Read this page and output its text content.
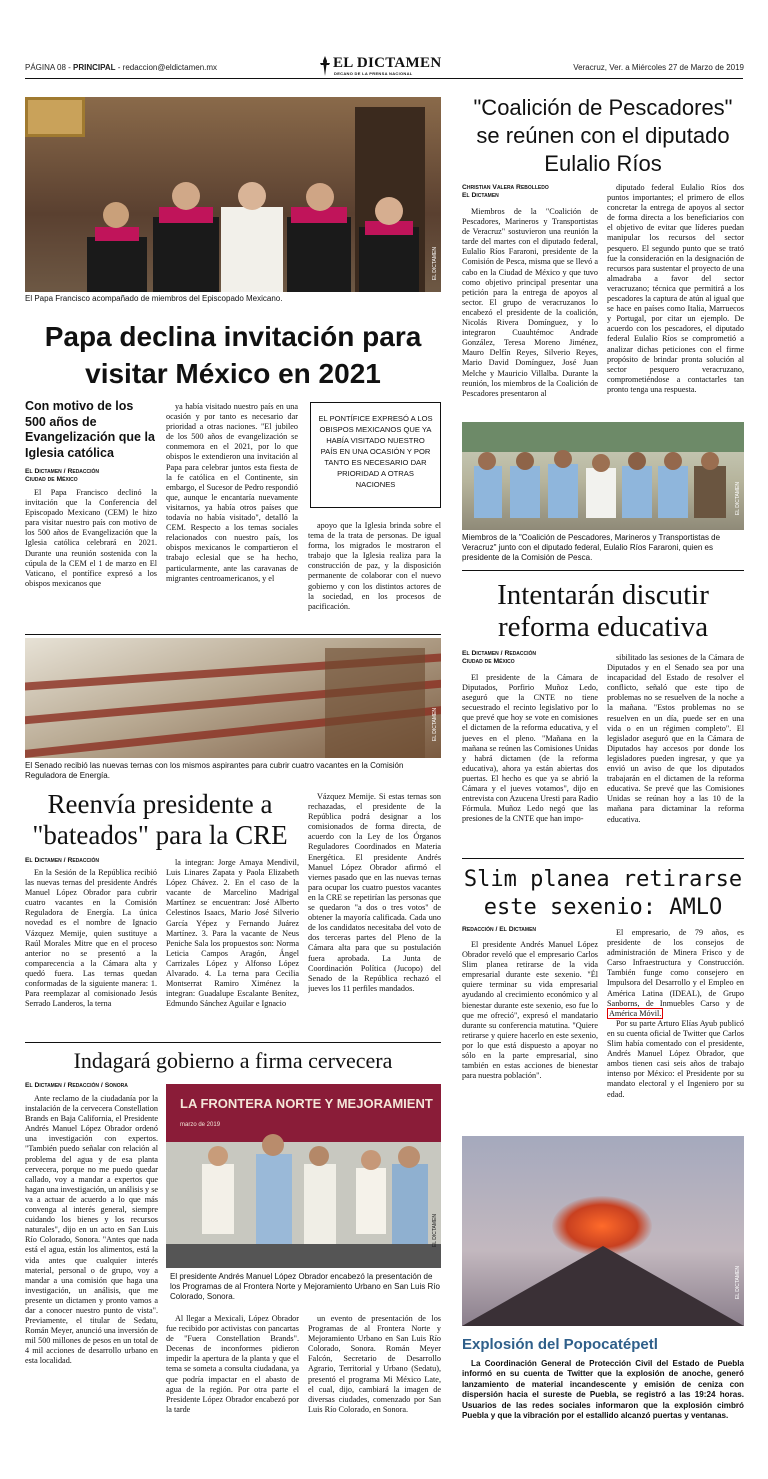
PÁGINA 08 - PRINCIPAL - redaccion@eldictamen.mx	EL DICTAMEN
DECANO DE LA PRENSA NACIONAL
Veracruz, Ver. a Miércoles 27 de Marzo de 2019
EL DICTAMEN
El Papa Francisco acompañado de miembros del Episcopado Mexicano.
Papa declina invitación para visitar México en 2021
Con motivo de los 500 años de Evangelización que la Iglesia católica
El Dictamen / Redacción
Ciudad de México

El Papa Francisco declinó la invitación que la Conferencia del Episcopado Mexicano (CEM) le hizo para visitar nuestro país con motivo de los 500 años de Evangelización que la Iglesia católica celebrará en 2021. Durante una reunión sostenida con la cúpula de la CEM el 1 de marzo en El Vaticano, el pontífice expresó a los obispos mexicanos que

ya había visitado nuestro país en una ocasión y por tanto es necesario dar prioridad a otras naciones. "El jubileo de los 500 años de evangelización se conmemora en el 2021, por lo que obispos le extendieron una invitación al Papa para celebrar juntos esta fiesta de la fe católica en el Continente, sin embargo, el Sucesor de Pedro respondió que, aunque le encantaría nuevamente visitarnos, ya había otros países que todavía no había visitado", detalló la CEM. Respecto a los temas sociales relacionados con nuestro país, los obispos mexicanos le compartieron el trabajo eclesial que se ha hecho, particularmente, ante las caravanas de migrantes centroamericanos, y el

EL PONTÍFICE EXPRESÓ A LOS OBISPOS MEXICANOS QUE YA HABÍA VISITADO NUESTRO PAÍS EN UNA OCASIÓN Y POR TANTO ES NECESARIO DAR PRIORIDAD A OTRAS NACIONES

apoyo que la Iglesia brinda sobre el tema de la trata de personas. De igual forma, los migrados le mostraron el trabajo que la Iglesia realiza para la construcción de paz, y la disposición permanente de colaborar con el nuevo gobierno y con los distintos actores de la sociedad, en los procesos de pacificación.

EL DICTAMEN
El Senado recibió las nuevas ternas con los mismos aspirantes para cubrir cuatro vacantes en la Comisión Reguladora de Energía.
Reenvía presidente a "bateados" para la CRE
El Dictamen / Redacción

En la Sesión de la República recibió las nuevas ternas del presidente Andrés Manuel López Obrador para cubrir cuatro vacantes en la Comisión Reguladora de Energía. La única novedad es el nombre de Ignacio Vázquez Memije, quien sustituye a Raúl Morales Mitre que en el proceso anterior no se presentó a la comparecencia a la Cámara alta y quedó fuera. Las ternas quedan conformadas de la siguiente manera: 1. Para reemplazar al comisionado Jesús Serrado Landeros, la terna

la integran: Jorge Amaya Mendivil, Luis Linares Zapata y Paola Elizabeth López Chávez. 2. En el caso de la vacante de Marcelino Madrigal Martínez se encuentran: José Alberto Celestinos Isaacs, Mario José Silverio García Yépez y Fernando Juárez Martínez. 3. Para la vacante de Neus Peniche Sala los propuestos son: Norma Leticia Campos Aragón, Ángel Carrizales López y Alfonso López Alvarado. 4. La terna para Cecilia Montserrat Ramiro Ximénez la integran: Guadalupe Escalante Benítez, Edmundo Sánchez Aguilar e Ignacio

Vázquez Memije. Si estas ternas son rechazadas, el presidente de la República podrá designar a los comisionados de forma directa, de acuerdo con la Ley de los Órganos Reguladores Coordinados en Materia Energética. El presidente Andrés Manuel López Obrador afirmó el viernes pasado que en las nuevas ternas para ocupar los cuatro puestos vacantes en la CRE se repetirían las personas que se quedaron "a dos o tres votos" de obtener la mayoría calificada. Cada uno de los candidatos necesitaba del voto de dos terceras partes del Pleno de la Cámara alta para que su postulación fuera aprobada. La Junta de Coordinación Política (Jucopo) del Senado de la República rechazó el jueves los 11 perfiles mandados.

Indagará gobierno a firma cervecera
El Dictamen / Redacción / Sonora

Ante reclamo de la ciudadanía por la instalación de la cervecera Constellation Brands en Baja California, el Presidente Andrés Manuel López Obrador ordenó una investigación con expertos. "También puedo señalar con relación al problema del agua y de esa planta cervecera, porque no me puedo quedar callado, voy a mandar a expertos que hagan una investigación, un análisis y se va a actuar de acuerdo a lo que más convenga al interés general, siempre cuidando los bienes y los recursos naturales", dijo en un acto en San Luis Río Colorado, Sonora. "Antes que nada está el agua, están los alimentos, está la vida antes que cualquier interés material, personal o de grupo, voy a mandar a una comisión que haga una investigación, un análisis, que me presente un dictamen y pronto vamos a dar a conocer nuestro punto de vista". Previamente, el titular de Sedatu, Román Meyer, anunció una inversión de mil 500 millones de pesos en un total de 4 mil acciones de desarrollo urbano en esta localidad.

LA FRONTERA NORTE Y MEJORAMIENT
marzo de 2019
EL DICTAMEN
El presidente Andrés Manuel López Obrador encabezó la presentación de los Programas de al Frontera Norte y Mejoramiento Urbano en San Luis Río Colorado, Sonora.

Al llegar a Mexicali, López Obrador fue recibido por activistas con pancartas de "Fuera Constellation Brands". Decenas de inconformes pidieron impedir la apertura de la planta y que el tema se someta a consulta ciudadana, ya que podría impactar en el abasto de agua de la región. Por otra parte el Presidente López Obrador encabezó por la tarde

un evento de presentación de los Programas de al Frontera Norte y Mejoramiento Urbano en San Luis Río Colorado, Sonora. Román Meyer Falcón, Secretario de Desarrollo Agrario, Territorial y Urbano (Sedatu), presentó el programa Mi México Late, el cual, dijo, cambiará la imagen de diversas ciudades, comenzado por San Luis Río Colorado, en Sonora.

"Coalición de Pescadores" se reúnen con el diputado Eulalio Ríos
Christian Valera Rebolledo
El Dictamen

Miembros de la "Coalición de Pescadores, Marineros y Transportistas de Veracruz" sostuvieron una reunión la tarde del martes con el diputado federal, Eulalio Ríos Fararoni, presidente de la Comisión de Pesca, misma que se llevó a cabo en la Ciudad de México y que tuvo como objetivo principal presentar una petición para la entrega de apoyos al sector. El grupo de veracruzanos lo encabezó el presidente de la coalición, Nicolás Rivera Domínguez, y lo integraron Cuauhtémoc Andrade González, Teresa Moreno Jiménez, Mauro Delfín Reyes, Silverio Reyes, Mario David Domínguez, José Juan Melche y Mauricio Villalba. Durante la reunión, los miembros de la Coalición de Pescadores presentaron al

diputado federal Eulalio Ríos dos puntos importantes; el primero de ellos concretar la entrega de apoyos al sector de forma directa a los beneficiarios con el objetivo de evitar que líderes puedan manipular los recursos del sector pesquero. El segundo punto que se trató fue la consideración en la designación de recursos para sustentar el proyecto de una almadraba a favor del sector veracruzano; técnica que permitirá a los pescadores la captura de atún al igual que se hace en países como Italia, Marruecos y Portugal, por citar un ejemplo. De acuerdo con los pescadores, el diputado federal Eulalio Ríos se comprometió a analizar dichas peticiones con el firme propósito de brindar pronta solución al sector pesquero veracruzano, comprometiéndose a contactarles tan pronto tenga una respuesta.

EL DICTAMEN
Miembros de la "Coalición de Pescadores, Marineros y Transportistas de Veracruz" junto con el diputado federal, Eulalio Ríos Fararoni, quien es presidente de la Comisión de Pesca.
Intentarán discutir reforma educativa
El Dictamen / Redacción
Ciudad de México

El presidente de la Cámara de Diputados, Porfirio Muñoz Ledo, aseguró que la CNTE no tiene secuestrado el recinto legislativo por lo que prevé que hoy se vote en comisiones el dictamen de la reforma educativa, y el jueves en el pleno. "Mañana en la mañana se reúnen las Comisiones Unidas y habrá dictamen (de la reforma educativa), ahora ya están abiertas dos puertas. El hecho es que ya se abrió la Cámara y el jueves votamos", dijo en entrevista con Azucena Uresti para Radio Fórmula. Muñoz Ledo negó que las presiones de la CNTE que han impo-

sibilitado las sesiones de la Cámara de Diputados y en el Senado sea por una incapacidad del Estado de resolver el conflicto, señaló que este tipo de problemas no se resuelven de la noche a la mañana. "Estos problemas no se resuelven en un día, puede ser en una vida o en un régimen completo". El legislador aseguró que en la Cámara de Diputados hay accesos por donde los legisladores pueden ingresar, y que ya envió un aviso de que los diputados trabajarán en el dictamen de la reforma educativa. Se prevé que las Comisiones Unidas se reúnan hoy a las 10 de la mañana para dictaminar la reforma educativa.

Slim planea retirarse este sexenio: AMLO
Redacción / El Dictamen

El presidente Andrés Manuel López Obrador reveló que el empresario Carlos Slim planea retirarse de la vida empresarial durante este sexenio. "Él quiere terminar su vida empresarial ayudando al crecimiento económico y al bienestar durante este sexenio, eso fue lo que me ofreció", expresó el mandatario durante su conferencia matutina. "Quiere retirarse y quiere hacerlo en este sexenio, por lo que está dispuesto a apoyar no sólo en la parte empresarial, sino también en estas acciones de bienestar para nuestra población".

El empresario, de 79 años, es presidente de los consejos de administración de Minera Frisco y de Carso Infraestructura y Construcción. También funge como consejero en Impulsora del Desarrollo y el Empleo en América Latina (IDEAL), de Grupo Sanborns, de Inmuebles Carso y de América Móvil.

Por su parte Arturo Elías Ayub publicó en su cuenta oficial de Twitter que Carlos Slim había comentado con el presidente, Andrés Manuel López Obrador, que ambos tienen casi seis años de trabajo intenso por México: el Presidente por su mandato electoral y el Ingeniero por su edad.

EL DICTAMEN
Explosión del Popocatépetl

La Coordinación General de Protección Civil del Estado de Puebla informó en su cuenta de Twitter que la explosión de anoche, generó lanzamiento de material incandescente y emisión de ceniza con dispersión hacia el sureste de Puebla, se registró a las 19:24 horas. Usuarios de las redes sociales informaron que la explosión cimbró Puebla y que la vibración por el estallido alcanzó puertas y ventanas.
